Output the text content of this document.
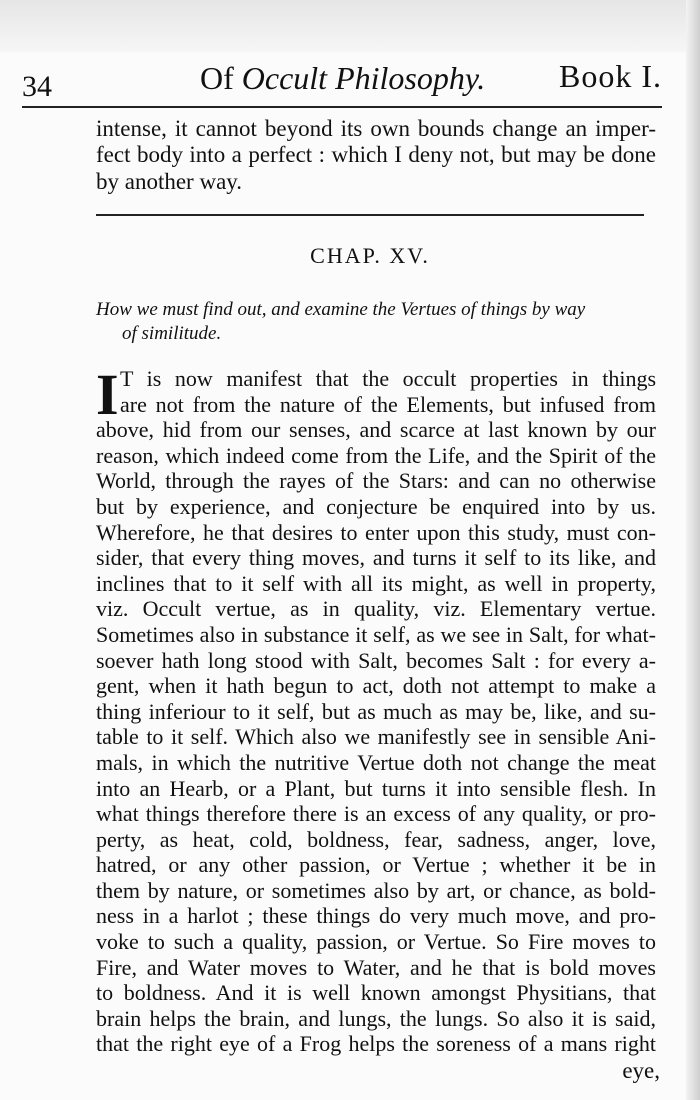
34	Of Occult Philosophy. Book I.
intense, it cannot beyond its own bounds change an imper-
fect body into a perfect : which I deny not, but may be done
by another way.
CHAP. XV.
How we must find out, and examine the Vertues of things by way
of similitude.
I T is now manifest that the occult properties in things
are not from the nature of the Elements, but infused from
above, hid from our senses, and scarce at last known by our
reason, which indeed come from the Life, and the Spirit of the
World, through the rayes of the Stars: and can no otherwise
but by experience, and conjecture be enquired into by us.
Wherefore, he that desires to enter upon this study, must con-
sider, that every thing moves, and turns it self to its like, and
inclines that to it self with all its might, as well in property,
viz. Occult vertue, as in quality, viz. Elementary vertue.
Sometimes also in substance it self, as we see in Salt, for what-
soever hath long stood with Salt, becomes Salt : for every a-
gent, when it hath begun to act, doth not attempt to make a
thing inferiour to it self, but as much as may be, like, and su-
table to it self. Which also we manifestly see in sensible Ani-
mals, in which the nutritive Vertue doth not change the meat
into an Hearb, or a Plant, but turns it into sensible flesh. In
what things therefore there is an excess of any quality, or pro-
perty, as heat, cold, boldness, fear, sadness, anger, love,
hatred, or any other passion, or Vertue ; whether it be in
them by nature, or sometimes also by art, or chance, as bold-
ness in a harlot ; these things do very much move, and pro-
voke to such a quality, passion, or Vertue. So Fire moves to
Fire, and Water moves to Water, and he that is bold moves
to boldness. And it is well known amongst Physitians, that
brain helps the brain, and lungs, the lungs. So also it is said,
that the right eye of a Frog helps the soreness of a mans right
eye,
